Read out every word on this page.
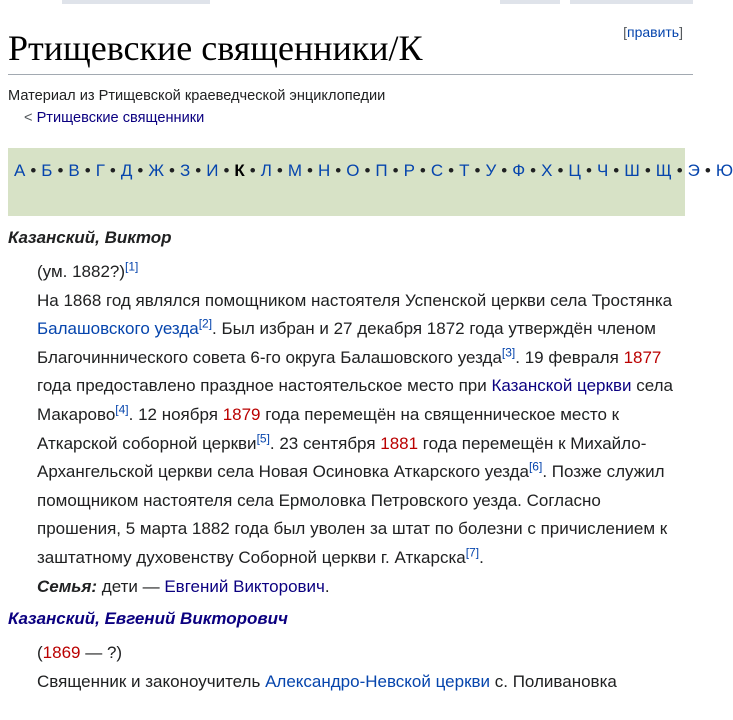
Ртищевские священники/К	[править]
Материал из Ртищевской краеведческой энциклопедии
< Ртищевские священники
А • Б • В • Г • Д • Ж • З • И • К • Л • М • Н • О • П • Р • С • Т • У • Ф • Х • Ц • Ч • Ш • Щ • Э • Ю
Казанский, Виктор
(ум. 1882?)[1]
На 1868 год являлся помощником настоятеля Успенской церкви села Тростянка Балашовского уезда[2]. Был избран и 27 декабря 1872 года утверждён членом Благочиннического совета 6-го округа Балашовского уезда[3]. 19 февраля 1877 года предоставлено праздное настоятельское место при Казанской церкви села Макарово[4]. 12 ноября 1879 года перемещён на священническое место к Аткарской соборной церкви[5]. 23 сентября 1881 года перемещён к Михайло-Архангельской церкви села Новая Осиновка Аткарского уезда[6]. Позже служил помощником настоятеля села Ермоловка Петровского уезда. Согласно прошения, 5 марта 1882 года был уволен за штат по болезни с причислением к заштатному духовенству Соборной церкви г. Аткарска[7].
Семья: дети — Евгений Викторович.
Казанский, Евгений Викторович
(1869 — ?)
Священник и законоучитель Александро-Невской церкви с. Поливановка
